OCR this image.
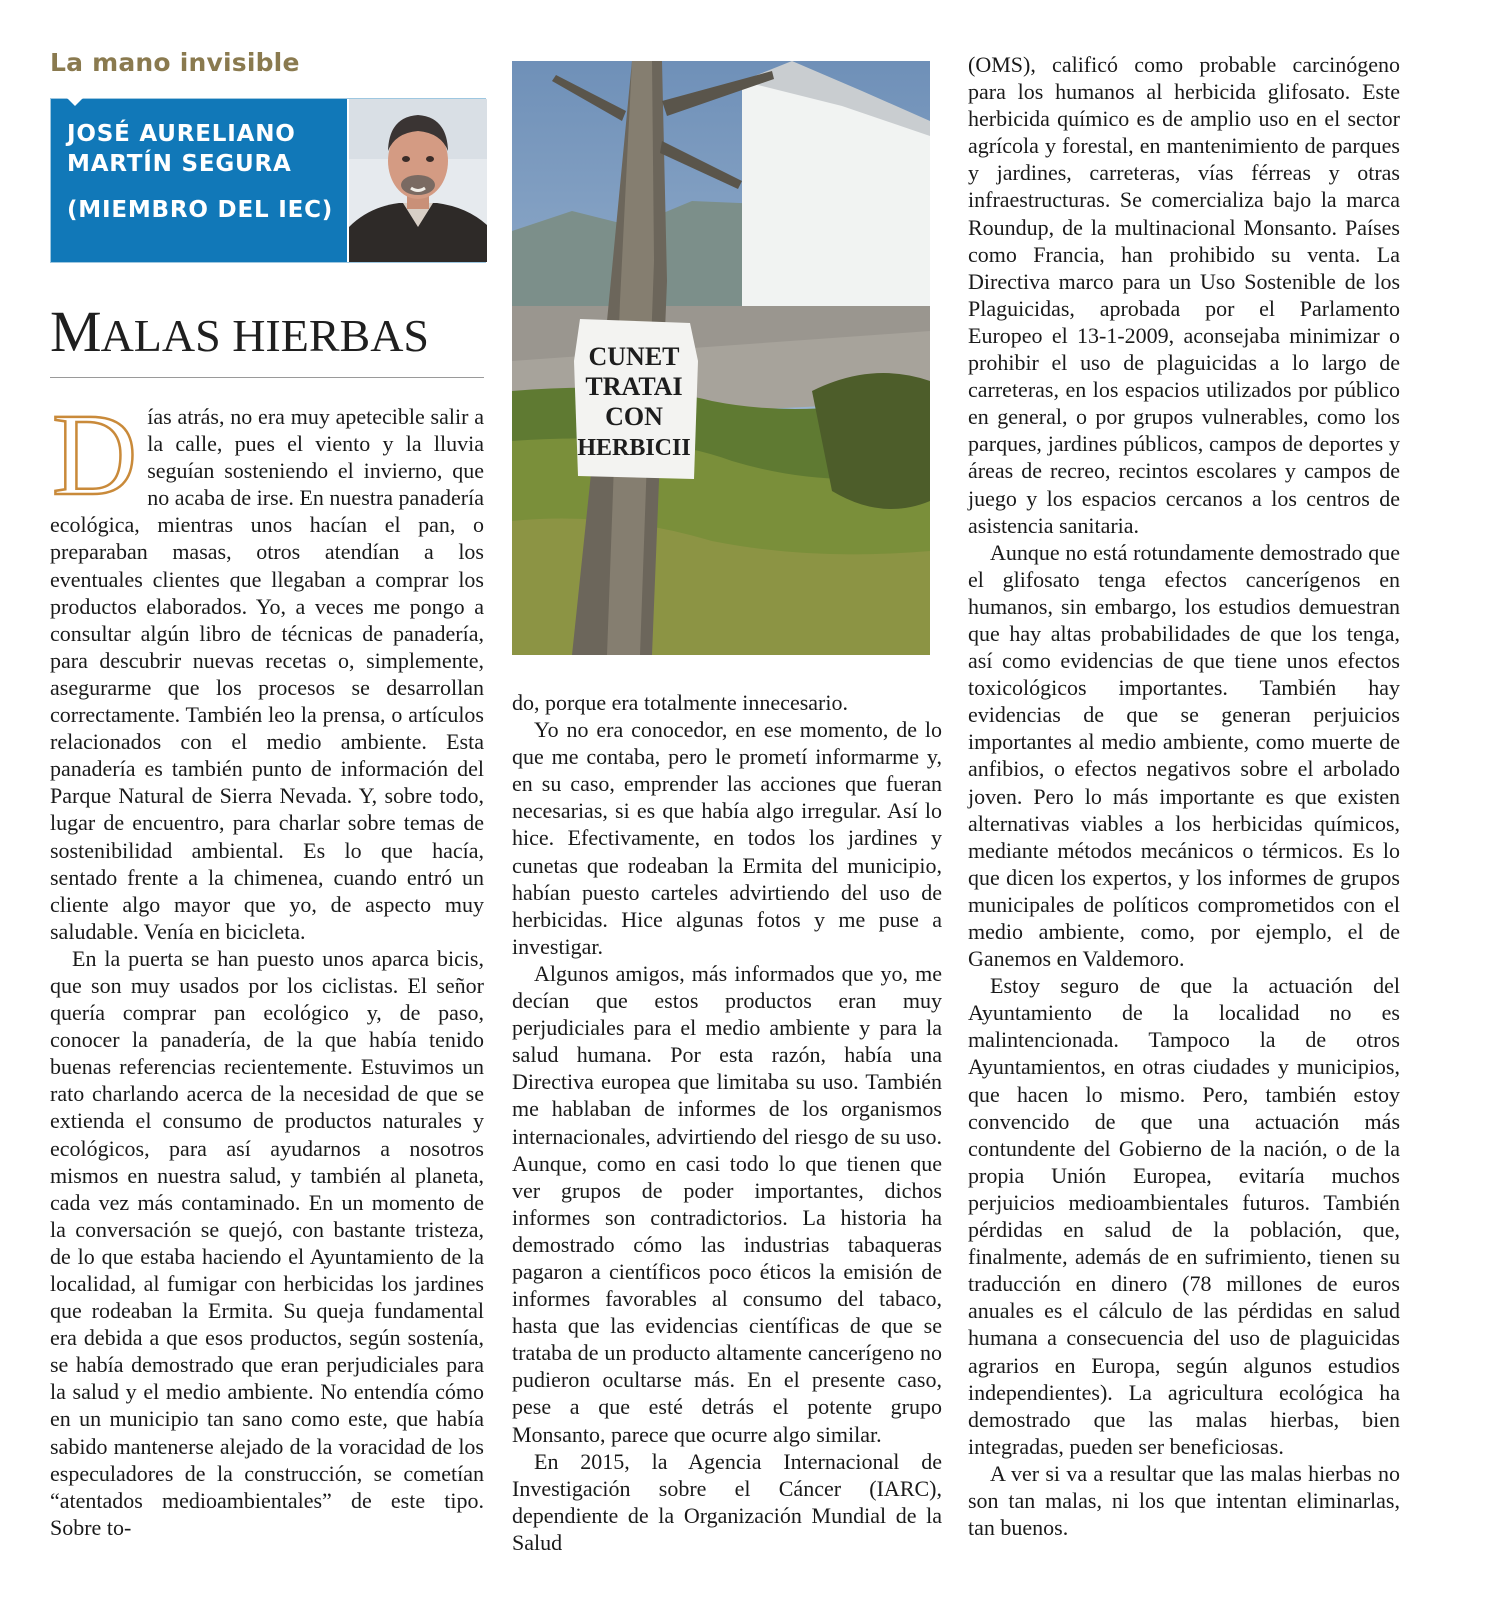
La mano invisible
JOSÉ AURELIANO
MARTÍN SEGURA
(MIEMBRO DEL IEC)
MALAS HIERBAS

Días atrás, no era muy apetecible salir a la calle, pues el viento y la lluvia seguían sosteniendo el invierno, que no acaba de irse. En nuestra panadería ecológica, mientras unos hacían el pan, o preparaban masas, otros atendían a los eventuales clientes que llegaban a comprar los productos elaborados. Yo, a veces me pongo a consultar algún libro de técnicas de panadería, para descubrir nuevas recetas o, simplemente, asegurarme que los procesos se desarrollan correctamente. También leo la prensa, o artículos relacionados con el medio ambiente. Esta panadería es también punto de información del Parque Natural de Sierra Nevada. Y, sobre todo, lugar de encuentro, para charlar sobre temas de sostenibilidad ambiental. Es lo que hacía, sentado frente a la chimenea, cuando entró un cliente algo mayor que yo, de aspecto muy saludable. Venía en bicicleta.

En la puerta se han puesto unos aparca bicis, que son muy usados por los ciclistas. El señor quería comprar pan ecológico y, de paso, conocer la panadería, de la que había tenido buenas referencias recientemente. Estuvimos un rato charlando acerca de la necesidad de que se extienda el consumo de productos naturales y ecológicos, para así ayudarnos a nosotros mismos en nuestra salud, y también al planeta, cada vez más contaminado. En un momento de la conversación se quejó, con bastante tristeza, de lo que estaba haciendo el Ayuntamiento de la localidad, al fumigar con herbicidas los jardines que rodeaban la Ermita. Su queja fundamental era debida a que esos productos, según sostenía, se había demostrado que eran perjudiciales para la salud y el medio ambiente. No entendía cómo en un municipio tan sano como este, que había sabido mantenerse alejado de la voracidad de los especuladores de la construcción, se cometían “atentados medioambientales” de este tipo. Sobre to-

CUNET
TRATAI
CON
HERBICII

do, porque era totalmente innecesario.

Yo no era conocedor, en ese momento, de lo que me contaba, pero le prometí informarme y, en su caso, emprender las acciones que fueran necesarias, si es que había algo irregular. Así lo hice. Efectivamente, en todos los jardines y cunetas que rodeaban la Ermita del municipio, habían puesto carteles advirtiendo del uso de herbicidas. Hice algunas fotos y me puse a investigar.

Algunos amigos, más informados que yo, me decían que estos productos eran muy perjudiciales para el medio ambiente y para la salud humana. Por esta razón, había una Directiva europea que limitaba su uso. También me hablaban de informes de los organismos internacionales, advirtiendo del riesgo de su uso. Aunque, como en casi todo lo que tienen que ver grupos de poder importantes, dichos informes son contradictorios. La historia ha demostrado cómo las industrias tabaqueras pagaron a científicos poco éticos la emisión de informes favorables al consumo del tabaco, hasta que las evidencias científicas de que se trataba de un producto altamente cancerígeno no pudieron ocultarse más. En el presente caso, pese a que esté detrás el potente grupo Monsanto, parece que ocurre algo similar.

En 2015, la Agencia Internacional de Investigación sobre el Cáncer (IARC), dependiente de la Organización Mundial de la Salud

(OMS), calificó como probable carcinógeno para los humanos al herbicida glifosato. Este herbicida químico es de amplio uso en el sector agrícola y forestal, en mantenimiento de parques y jardines, carreteras, vías férreas y otras infraestructuras. Se comercializa bajo la marca Roundup, de la multinacional Monsanto. Países como Francia, han prohibido su venta. La Directiva marco para un Uso Sostenible de los Plaguicidas, aprobada por el Parlamento Europeo el 13-1-2009, aconsejaba minimizar o prohibir el uso de plaguicidas a lo largo de carreteras, en los espacios utilizados por público en general, o por grupos vulnerables, como los parques, jardines públicos, campos de deportes y áreas de recreo, recintos escolares y campos de juego y los espacios cercanos a los centros de asistencia sanitaria.

Aunque no está rotundamente demostrado que el glifosato tenga efectos cancerígenos en humanos, sin embargo, los estudios demuestran que hay altas probabilidades de que los tenga, así como evidencias de que tiene unos efectos toxicológicos importantes. También hay evidencias de que se generan perjuicios importantes al medio ambiente, como muerte de anfibios, o efectos negativos sobre el arbolado joven. Pero lo más importante es que existen alternativas viables a los herbicidas químicos, mediante métodos mecánicos o térmicos. Es lo que dicen los expertos, y los informes de grupos municipales de políticos comprometidos con el medio ambiente, como, por ejemplo, el de Ganemos en Valdemoro.

Estoy seguro de que la actuación del Ayuntamiento de la localidad no es malintencionada. Tampoco la de otros Ayuntamientos, en otras ciudades y municipios, que hacen lo mismo. Pero, también estoy convencido de que una actuación más contundente del Gobierno de la nación, o de la propia Unión Europea, evitaría muchos perjuicios medioambientales futuros. También pérdidas en salud de la población, que, finalmente, además de en sufrimiento, tienen su traducción en dinero (78 millones de euros anuales es el cálculo de las pérdidas en salud humana a consecuencia del uso de plaguicidas agrarios en Europa, según algunos estudios independientes). La agricultura ecológica ha demostrado que las malas hierbas, bien integradas, pueden ser beneficiosas.

A ver si va a resultar que las malas hierbas no son tan malas, ni los que intentan eliminarlas, tan buenos.
